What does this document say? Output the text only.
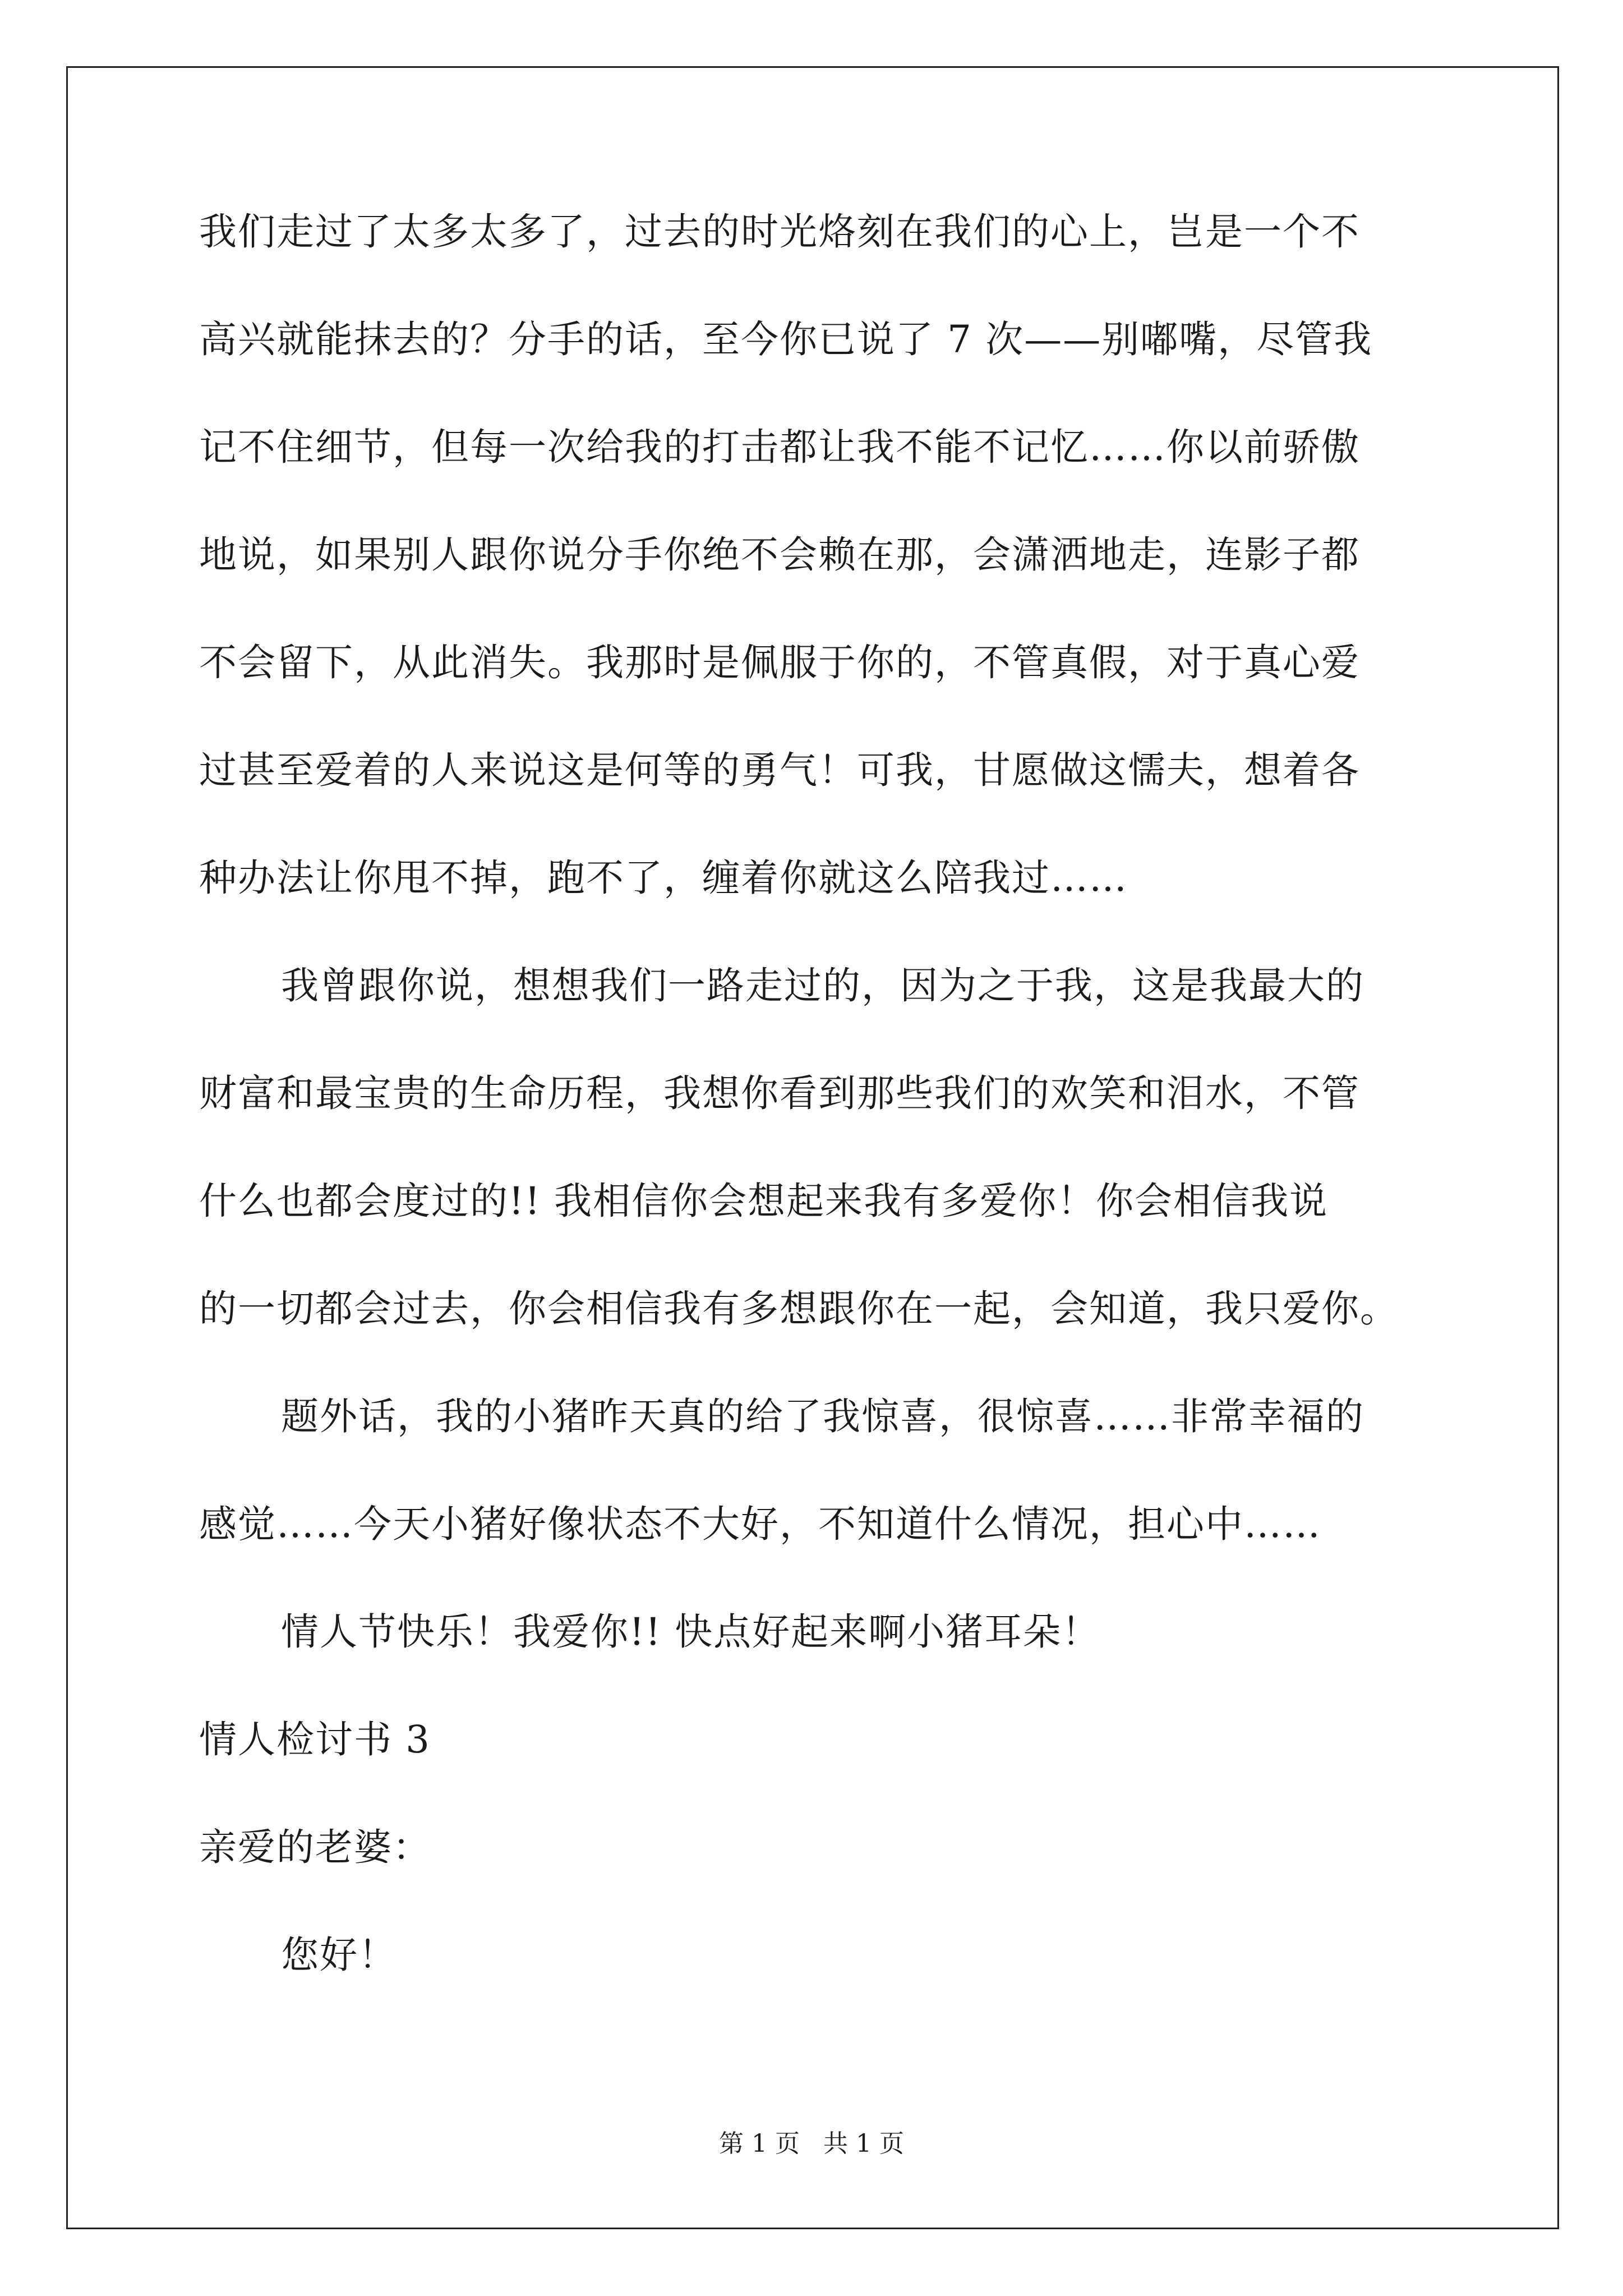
我们走过了太多太多了，过去的时光烙刻在我们的心上，岂是一个不
高兴就能抹去的？分手的话，至今你已说了 7 次——别嘟嘴，尽管我
记不住细节，但每一次给我的打击都让我不能不记忆……你以前骄傲
地说，如果别人跟你说分手你绝不会赖在那，会潇洒地走，连影子都
不会留下，从此消失。我那时是佩服于你的，不管真假，对于真心爱
过甚至爱着的人来说这是何等的勇气！可我，甘愿做这懦夫，想着各
种办法让你甩不掉，跑不了，缠着你就这么陪我过……
我曾跟你说，想想我们一路走过的，因为之于我，这是我最大的
财富和最宝贵的生命历程，我想你看到那些我们的欢笑和泪水，不管
什么也都会度过的!! 我相信你会想起来我有多爱你！你会相信我说
的一切都会过去，你会相信我有多想跟你在一起，会知道，我只爱你。
题外话，我的小猪昨天真的给了我惊喜，很惊喜……非常幸福的
感觉……今天小猪好像状态不大好，不知道什么情况，担心中……
情人节快乐！我爱你!! 快点好起来啊小猪耳朵！
情人检讨书 3
亲爱的老婆：
您好！
第 1 页   共 1 页
